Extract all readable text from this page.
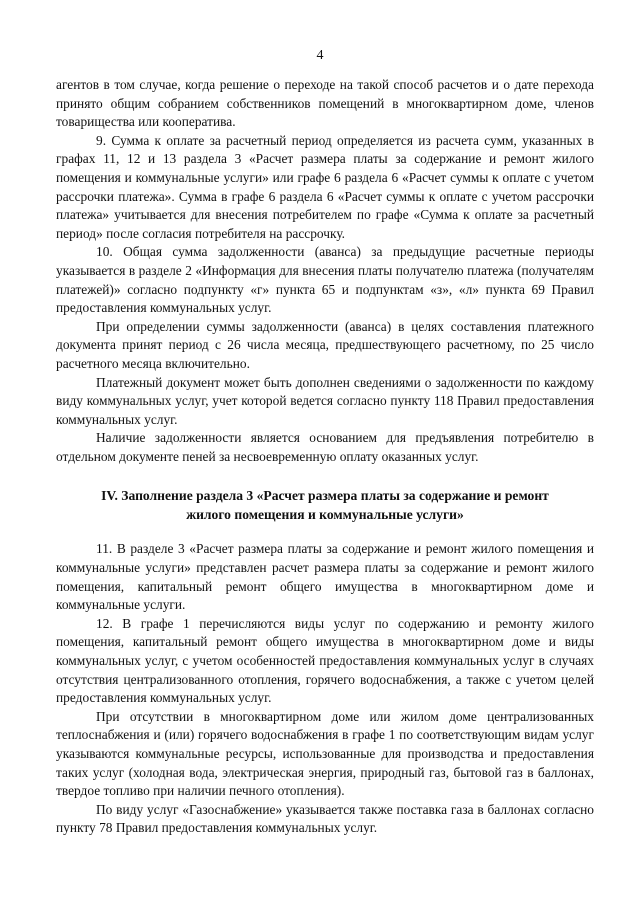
4

агентов в том случае, когда решение о переходе на такой способ расчетов и о дате перехода принято общим собранием собственников помещений в многоквартирном доме, членов товарищества или кооператива.

9. Сумма к оплате за расчетный период определяется из расчета сумм, указанных в графах 11, 12 и 13 раздела 3 «Расчет размера платы за содержание и ремонт жилого помещения и коммунальные услуги» или графе 6 раздела 6 «Расчет суммы к оплате с учетом рассрочки платежа». Сумма в графе 6 раздела 6 «Расчет суммы к оплате с учетом рассрочки платежа» учитывается для внесения потребителем по графе «Сумма к оплате за расчетный период» после согласия потребителя на рассрочку.

10. Общая сумма задолженности (аванса) за предыдущие расчетные периоды указывается в разделе 2 «Информация для внесения платы получателю платежа (получателям платежей)» согласно подпункту «г» пункта 65 и подпунктам «з», «л» пункта 69 Правил предоставления коммунальных услуг.

При определении суммы задолженности (аванса) в целях составления платежного документа принят период с 26 числа месяца, предшествующего расчетному, по 25 число расчетного месяца включительно.

Платежный документ может быть дополнен сведениями о задолженности по каждому виду коммунальных услуг, учет которой ведется согласно пункту 118 Правил предоставления коммунальных услуг.

Наличие задолженности является основанием для предъявления потребителю в отдельном документе пеней за несвоевременную оплату оказанных услуг.

IV. Заполнение раздела 3 «Расчет размера платы за содержание и ремонт
жилого помещения и коммунальные услуги»

11. В разделе 3 «Расчет размера платы за содержание и ремонт жилого помещения и коммунальные услуги» представлен расчет размера платы за содержание и ремонт жилого помещения, капитальный ремонт общего имущества в многоквартирном доме и коммунальные услуги.

12. В графе 1 перечисляются виды услуг по содержанию и ремонту жилого помещения, капитальный ремонт общего имущества в многоквартирном доме и виды коммунальных услуг, с учетом особенностей предоставления коммунальных услуг в случаях отсутствия централизованного отопления, горячего водоснабжения, а также с учетом целей предоставления коммунальных услуг.

При отсутствии в многоквартирном доме или жилом доме централизованных теплоснабжения и (или) горячего водоснабжения в графе 1 по соответствующим видам услуг указываются коммунальные ресурсы, использованные для производства и предоставления таких услуг (холодная вода, электрическая энергия, природный газ, бытовой газ в баллонах, твердое топливо при наличии печного отопления).

По виду услуг «Газоснабжение» указывается также поставка газа в баллонах согласно пункту 78 Правил предоставления коммунальных услуг.
